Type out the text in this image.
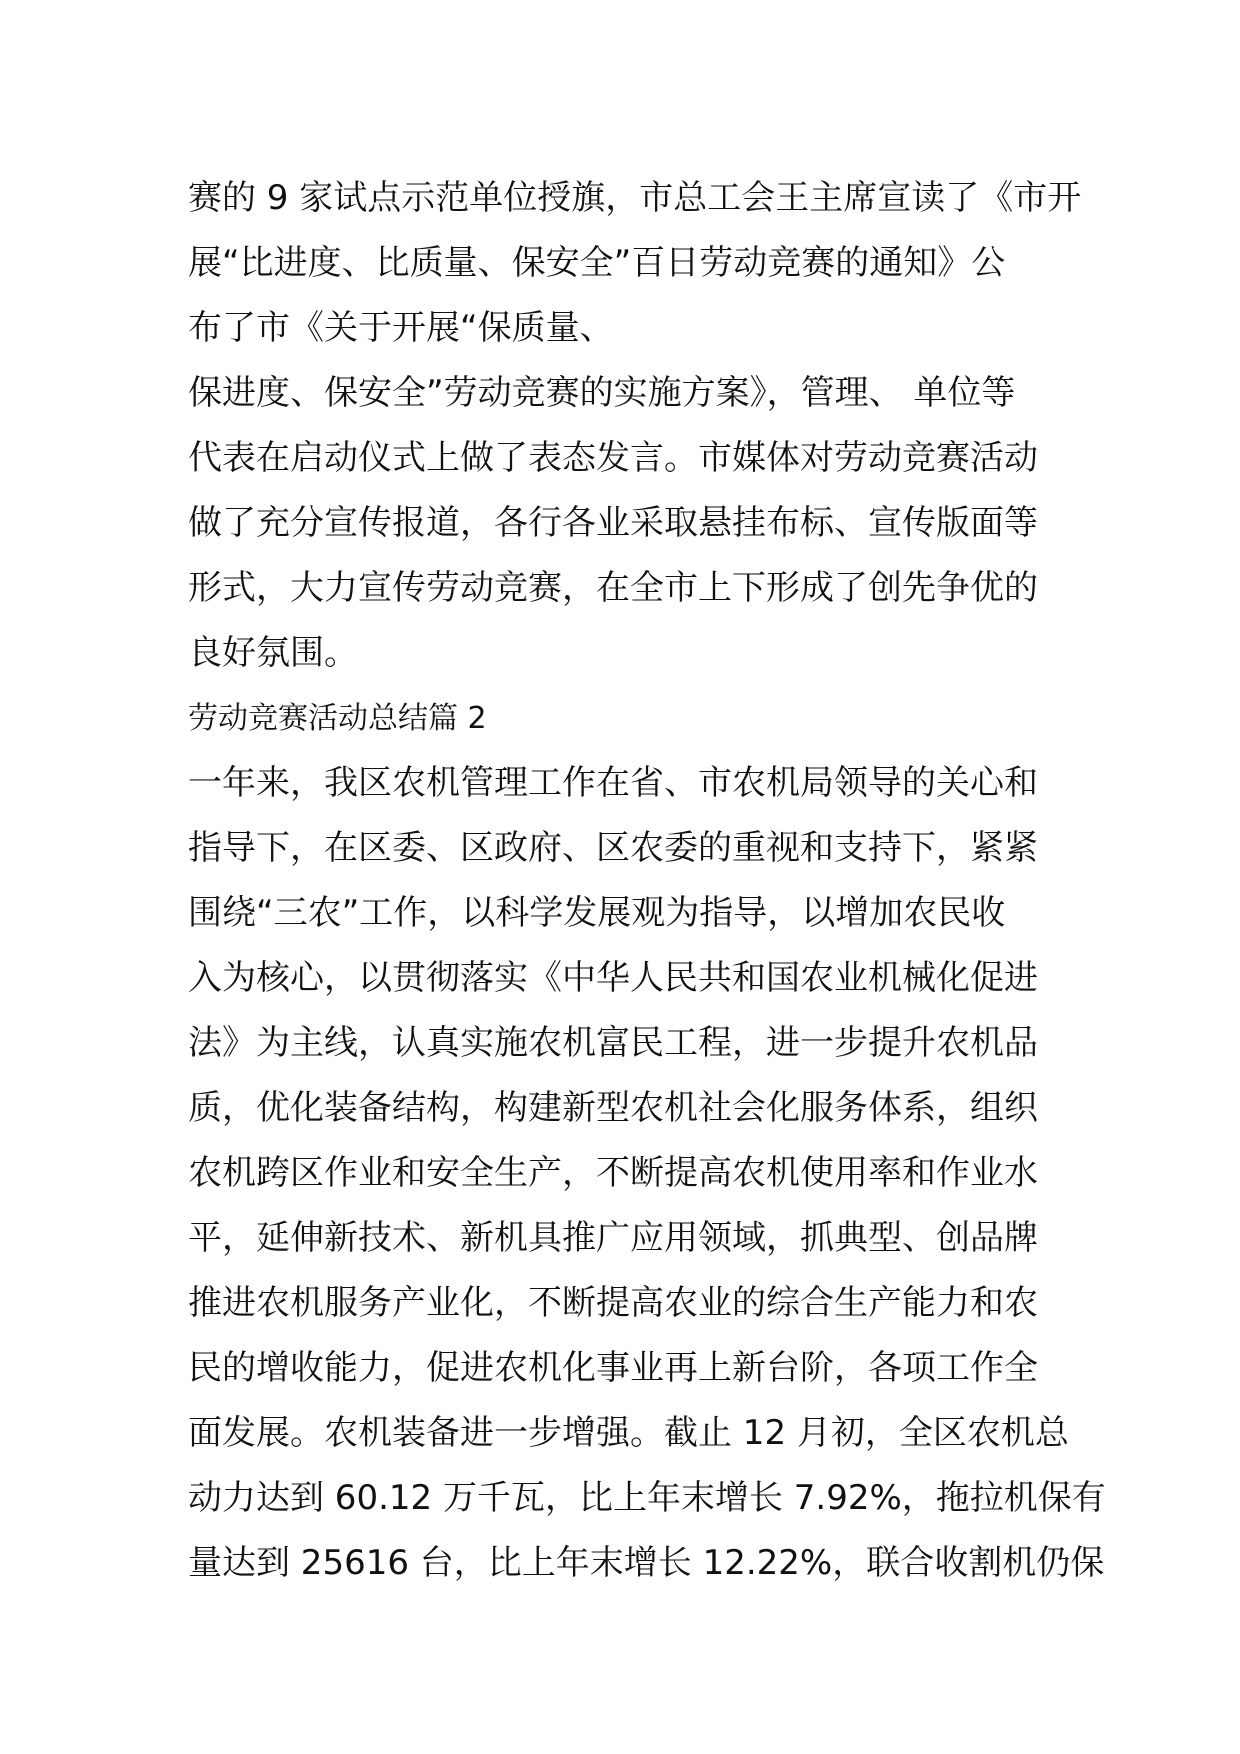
赛的 9 家试点示范单位授旗，市总工会王主席宣读了《市开
展“比进度、比质量、保安全”百日劳动竞赛的通知》公
布了市《关于开展“保质量、
保进度、保安全”劳动竞赛的实施方案》，管理、 单位等
代表在启动仪式上做了表态发言。市媒体对劳动竞赛活动
做了充分宣传报道，各行各业采取悬挂布标、宣传版面等
形式，大力宣传劳动竞赛，在全市上下形成了创先争优的
良好氛围。
劳动竞赛活动总结篇 2
一年来，我区农机管理工作在省、市农机局领导的关心和
指导下，在区委、区政府、区农委的重视和支持下，紧紧
围绕“三农”工作，以科学发展观为指导，以增加农民收
入为核心，以贯彻落实《中华人民共和国农业机械化促进
法》为主线，认真实施农机富民工程，进一步提升农机品
质，优化装备结构，构建新型农机社会化服务体系，组织
农机跨区作业和安全生产，不断提高农机使用率和作业水
平，延伸新技术、新机具推广应用领域，抓典型、创品牌
推进农机服务产业化，不断提高农业的综合生产能力和农
民的增收能力，促进农机化事业再上新台阶，各项工作全
面发展。农机装备进一步增强。截止 12 月初，全区农机总
动力达到 60.12 万千瓦，比上年末增长 7.92%，拖拉机保有
量达到 25616 台，比上年末增长 12.22%，联合收割机仍保
